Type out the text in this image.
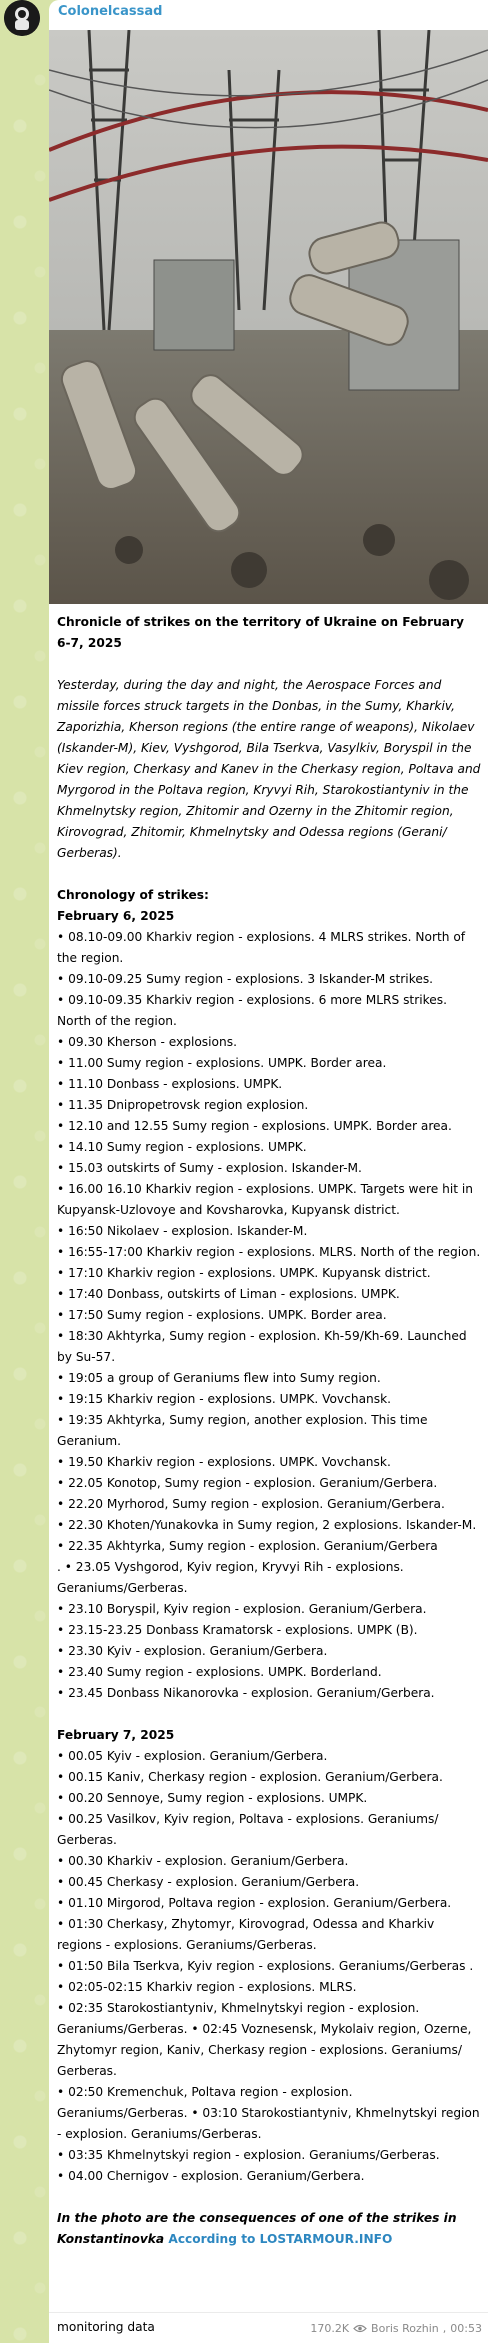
Colonelcassad

Chronicle of strikes on the territory of Ukraine on February 6-7, 2025

Yesterday, during the day and night, the Aerospace Forces and missile forces struck targets in the Donbas, in the Sumy, Kharkiv, Zaporizhia, Kherson regions (the entire range of weapons), Nikolaev (Iskander-M), Kiev, Vyshgorod, Bila Tserkva, Vasylkiv, Boryspil in the Kiev region, Cherkasy and Kanev in the Cherkasy region, Poltava and Myrgorod in the Poltava region, Kryvyi Rih, Starokostiantyniv in the Khmelnytsky region, Zhitomir and Ozerny in the Zhitomir region, Kirovograd, Zhitomir, Khmelnytsky and Odessa regions (Gerani/ Gerberas).

Chronology of strikes:

February 6, 2025

• 08.10-09.00 Kharkiv region - explosions. 4 MLRS strikes. North of the region.

• 09.10-09.25 Sumy region - explosions. 3 Iskander-M strikes.

• 09.10-09.35 Kharkiv region - explosions. 6 more MLRS strikes. North of the region.

• 09.30 Kherson - explosions.

• 11.00 Sumy region - explosions. UMPK. Border area.

• 11.10 Donbass - explosions. UMPK.

• 11.35 Dnipropetrovsk region explosion.

• 12.10 and 12.55 Sumy region - explosions. UMPK. Border area.

• 14.10 Sumy region - explosions. UMPK.

• 15.03 outskirts of Sumy - explosion. Iskander-M.

• 16.00 16.10 Kharkiv region - explosions. UMPK. Targets were hit in Kupyansk-Uzlovoye and Kovsharovka, Kupyansk district.

• 16:50 Nikolaev - explosion. Iskander-M.

• 16:55-17:00 Kharkiv region - explosions. MLRS. North of the region.

• 17:10 Kharkiv region - explosions. UMPK. Kupyansk district.

• 17:40 Donbass, outskirts of Liman - explosions. UMPK.

• 17:50 Sumy region - explosions. UMPK. Border area.

• 18:30 Akhtyrka, Sumy region - explosion. Kh-59/Kh-69. Launched by Su-57.

• 19:05 a group of Geraniums flew into Sumy region.

• 19:15 Kharkiv region - explosions. UMPK. Vovchansk.

• 19:35 Akhtyrka, Sumy region, another explosion. This time Geranium.

• 19.50 Kharkiv region - explosions. UMPK. Vovchansk.

• 22.05 Konotop, Sumy region - explosion. Geranium/Gerbera.

• 22.20 Myrhorod, Sumy region - explosion. Geranium/Gerbera.

• 22.30 Khoten/Yunakovka in Sumy region, 2 explosions. Iskander-M.

• 22.35 Akhtyrka, Sumy region - explosion. Geranium/Gerbera

. • 23.05 Vyshgorod, Kyiv region, Kryvyi Rih - explosions. Geraniums/Gerberas.

• 23.10 Boryspil, Kyiv region - explosion. Geranium/Gerbera.

• 23.15-23.25 Donbass Kramatorsk - explosions. UMPK (B).

• 23.30 Kyiv - explosion. Geranium/Gerbera.

• 23.40 Sumy region - explosions. UMPK. Borderland.

• 23.45 Donbass Nikanorovka - explosion. Geranium/Gerbera.

February 7, 2025

• 00.05 Kyiv - explosion. Geranium/Gerbera.

• 00.15 Kaniv, Cherkasy region - explosion. Geranium/Gerbera.

• 00.20 Sennoye, Sumy region - explosions. UMPK.

• 00.25 Vasilkov, Kyiv region, Poltava - explosions. Geraniums/ Gerberas.

• 00.30 Kharkiv - explosion. Geranium/Gerbera.

• 00.45 Cherkasy - explosion. Geranium/Gerbera.

• 01.10 Mirgorod, Poltava region - explosion. Geranium/Gerbera.

• 01:30 Cherkasy, Zhytomyr, Kirovograd, Odessa and Kharkiv regions - explosions. Geraniums/Gerberas.

• 01:50 Bila Tserkva, Kyiv region - explosions. Geraniums/Gerberas .

• 02:05-02:15 Kharkiv region - explosions. MLRS.

• 02:35 Starokostiantyniv, Khmelnytskyi region - explosion. Geraniums/Gerberas. • 02:45 Voznesensk, Mykolaiv region, Ozerne, Zhytomyr region, Kaniv, Cherkasy region - explosions. Geraniums/ Gerberas.

• 02:50 Kremenchuk, Poltava region - explosion. Geraniums/Gerberas. • 03:10 Starokostiantyniv, Khmelnytskyi region - explosion. Geraniums/Gerberas.

• 03:35 Khmelnytskyi region - explosion. Geraniums/Gerberas.

• 04.00 Chernigov - explosion. Geranium/Gerbera.

In the photo are the consequences of one of the strikes in Konstantinovka According to LOSTARMOUR.INFO

monitoring data	170.2K Boris Rozhin , 00:53
